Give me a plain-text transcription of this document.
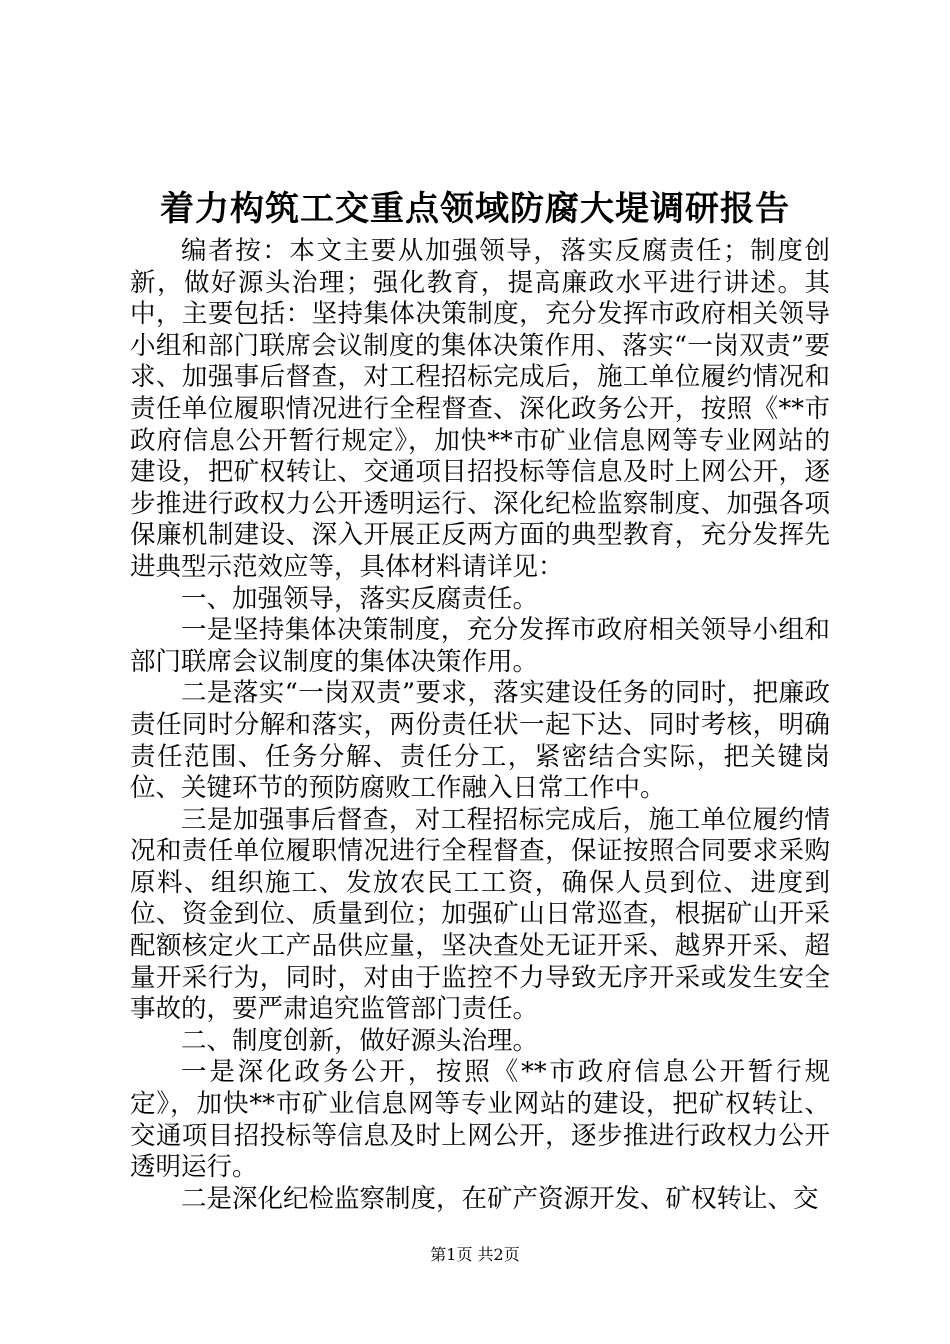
着力构筑工交重点领域防腐大堤调研报告

编者按：本文主要从加强领导，落实反腐责任；制度创新，做好源头治理；强化教育，提高廉政水平进行讲述。其中，主要包括：坚持集体决策制度，充分发挥市政府相关领导小组和部门联席会议制度的集体决策作用、落实“一岗双责”要求、加强事后督查，对工程招标完成后，施工单位履约情况和责任单位履职情况进行全程督查、深化政务公开，按照《**市政府信息公开暂行规定》，加快**市矿业信息网等专业网站的建设，把矿权转让、交通项目招投标等信息及时上网公开，逐步推进行政权力公开透明运行、深化纪检监察制度、加强各项保廉机制建设、深入开展正反两方面的典型教育，充分发挥先进典型示范效应等，具体材料请详见：

一、加强领导，落实反腐责任。

一是坚持集体决策制度，充分发挥市政府相关领导小组和部门联席会议制度的集体决策作用。

二是落实“一岗双责”要求，落实建设任务的同时，把廉政责任同时分解和落实，两份责任状一起下达、同时考核，明确责任范围、任务分解、责任分工，紧密结合实际，把关键岗位、关键环节的预防腐败工作融入日常工作中。

三是加强事后督查，对工程招标完成后，施工单位履约情况和责任单位履职情况进行全程督查，保证按照合同要求采购原料、组织施工、发放农民工工资，确保人员到位、进度到位、资金到位、质量到位；加强矿山日常巡查，根据矿山开采配额核定火工产品供应量，坚决查处无证开采、越界开采、超量开采行为，同时，对由于监控不力导致无序开采或发生安全事故的，要严肃追究监管部门责任。

二、制度创新，做好源头治理。

一是深化政务公开，按照《**市政府信息公开暂行规定》，加快**市矿业信息网等专业网站的建设，把矿权转让、交通项目招投标等信息及时上网公开，逐步推进行政权力公开透明运行。

二是深化纪检监察制度，在矿产资源开发、矿权转让、交

第1页 共2页
